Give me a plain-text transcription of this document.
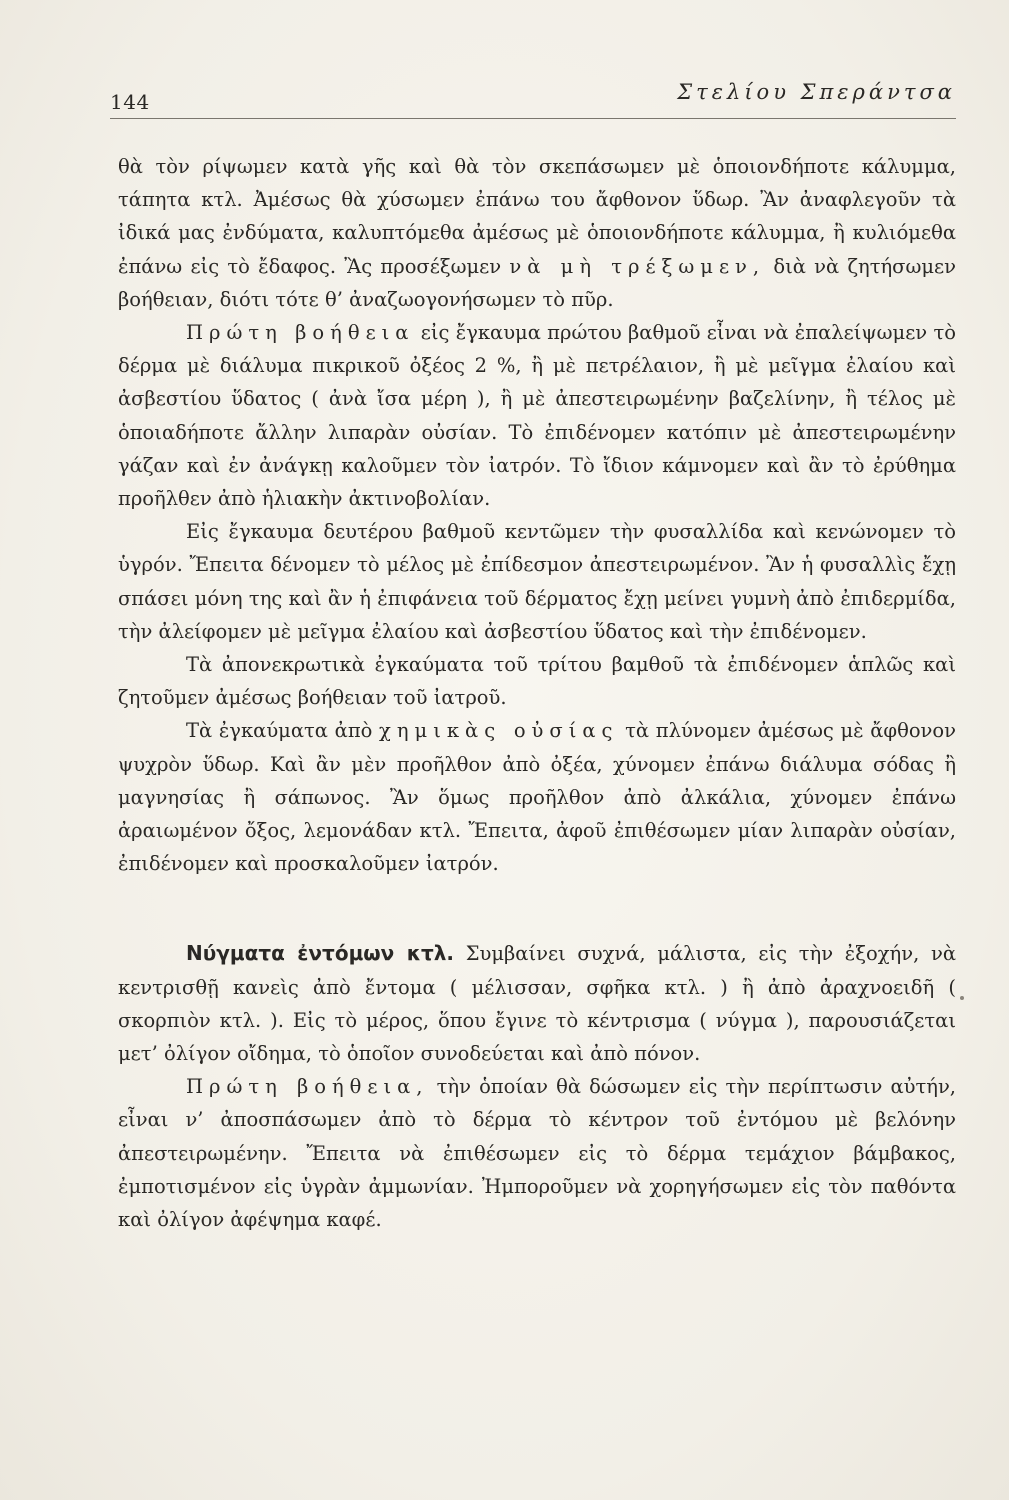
144	Στελίου Σπεράντσα

θὰ τὸν ρίψωμεν κατὰ γῆς καὶ θὰ τὸν σκεπάσωμεν μὲ ὁποιονδήποτε κάλυμμα, τάπητα κτλ. Ἀμέσως θὰ χύσωμεν ἐπάνω του ἄφθονον ὕδωρ. Ἂν ἀναφλεγοῦν τὰ ἰδικά μας ἐνδύματα, καλυπτόμεθα ἀμέσως μὲ ὁποιονδήποτε κάλυμμα, ἢ κυλιόμεθα ἐπάνω εἰς τὸ ἔδαφος. Ἂς προσέξωμεν νὰ μὴ τρέξωμεν, διὰ νὰ ζητήσωμεν βοήθειαν, διότι τότε θ’ ἀναζωογονήσωμεν τὸ πῦρ.

Πρώτη βοήθεια εἰς ἔγκαυμα πρώτου βαθμοῦ εἶναι νὰ ἐπαλείψωμεν τὸ δέρμα μὲ διάλυμα πικρικοῦ ὀξέος 2 %, ἢ μὲ πετρέλαιον, ἢ μὲ μεῖγμα ἐλαίου καὶ ἀσβεστίου ὕδατος ( ἀνὰ ἴσα μέρη ), ἢ μὲ ἀπεστειρωμένην βαζελίνην, ἢ τέλος μὲ ὁποιαδήποτε ἄλλην λιπαρὰν οὐσίαν. Τὸ ἐπιδένομεν κατόπιν μὲ ἀπεστειρωμένην γάζαν καὶ ἐν ἀνάγκῃ καλοῦμεν τὸν ἰατρόν. Τὸ ἴδιον κάμνομεν καὶ ἂν τὸ ἐρύθημα προῆλθεν ἀπὸ ἡλιακὴν ἀκτινοβολίαν.

Εἰς ἔγκαυμα δευτέρου βαθμοῦ κεντῶμεν τὴν φυσαλλίδα καὶ κενώνομεν τὸ ὑγρόν. Ἔπειτα δένομεν τὸ μέλος μὲ ἐπίδεσμον ἀπεστειρωμένον. Ἂν ἡ φυσαλλὶς ἔχῃ σπάσει μόνη της καὶ ἂν ἡ ἐπιφάνεια τοῦ δέρματος ἔχῃ μείνει γυμνὴ ἀπὸ ἐπιδερμίδα, τὴν ἀλείφομεν μὲ μεῖγμα ἐλαίου καὶ ἀσβεστίου ὕδατος καὶ τὴν ἐπιδένομεν.

Τὰ ἀπονεκρωτικὰ ἐγκαύματα τοῦ τρίτου βαμθοῦ τὰ ἐπιδένομεν ἁπλῶς καὶ ζητοῦμεν ἀμέσως βοήθειαν τοῦ ἰατροῦ.

Τὰ ἐγκαύματα ἀπὸ χημικὰς οὐσίας τὰ πλύνομεν ἀμέσως μὲ ἄφθονον ψυχρὸν ὕδωρ. Καὶ ἂν μὲν προῆλθον ἀπὸ ὀξέα, χύνομεν ἐπάνω διάλυμα σόδας ἢ μαγνησίας ἢ σάπωνος. Ἂν ὅμως προῆλθον ἀπὸ ἀλκάλια, χύνομεν ἐπάνω ἀραιωμένον ὄξος, λεμονάδαν κτλ. Ἔπειτα, ἀφοῦ ἐπιθέσωμεν μίαν λιπαρὰν οὐσίαν, ἐπιδένομεν καὶ προσκαλοῦμεν ἰατρόν.

Νύγματα ἐντόμων κτλ. Συμβαίνει συχνά, μάλιστα, εἰς τὴν ἐξοχήν, νὰ κεντρισθῇ κανεὶς ἀπὸ ἔντομα ( μέλισσαν, σφῆκα κτλ. ) ἢ ἀπὸ ἀραχνοειδῆ ( σκορπιὸν κτλ. ). Εἰς τὸ μέρος, ὅπου ἔγινε τὸ κέντρισμα ( νύγμα ), παρουσιάζεται μετ’ ὀλίγον οἴδημα, τὸ ὁποῖον συνοδεύεται καὶ ἀπὸ πόνον.

Πρώτη βοήθεια, τὴν ὁποίαν θὰ δώσωμεν εἰς τὴν περίπτωσιν αὐτήν, εἶναι ν’ ἀποσπάσωμεν ἀπὸ τὸ δέρμα τὸ κέντρον τοῦ ἐντόμου μὲ βελόνην ἀπεστειρωμένην. Ἔπειτα νὰ ἐπιθέσωμεν εἰς τὸ δέρμα τεμάχιον βάμβακος, ἐμποτισμένον εἰς ὑγρὰν ἀμμωνίαν. Ἠμποροῦμεν νὰ χορηγήσωμεν εἰς τὸν παθόντα καὶ ὀλίγον ἀφέψημα καφέ.
